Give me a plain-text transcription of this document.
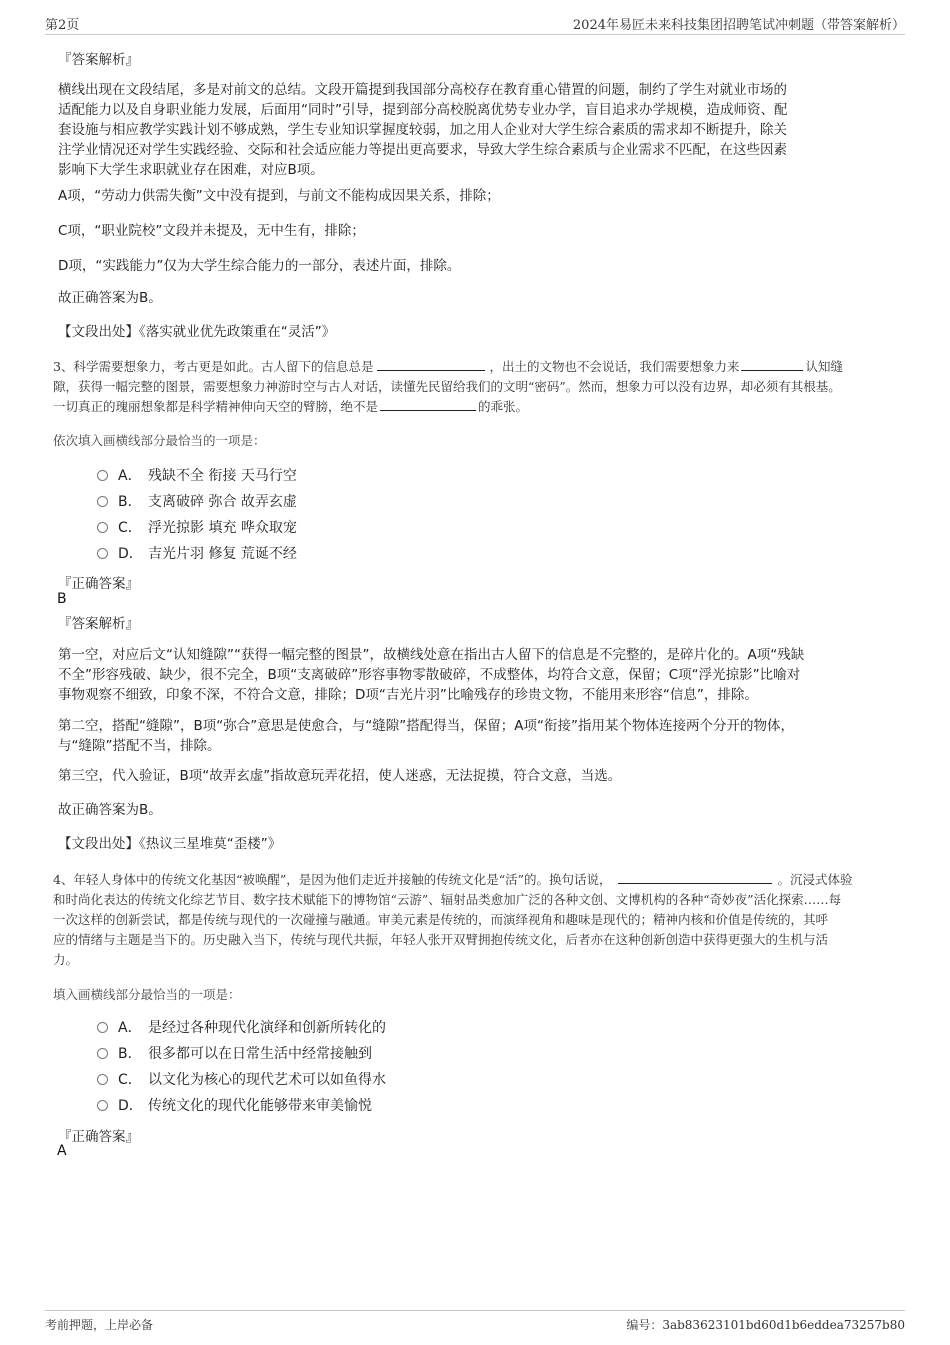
第2页	2024年易匠未来科技集团招聘笔试冲刺题（带答案解析）
『答案解析』
横线出现在文段结尾，多是对前文的总结。文段开篇提到我国部分高校存在教育重心错置的问题，制约了学生对就业市场的
适配能力以及自身职业能力发展，后面用“同时”引导，提到部分高校脱离优势专业办学，盲目追求办学规模，造成师资、配
套设施与相应教学实践计划不够成熟，学生专业知识掌握度较弱，加之用人企业对大学生综合素质的需求却不断提升，除关
注学业情况还对学生实践经验、交际和社会适应能力等提出更高要求，导致大学生综合素质与企业需求不匹配，在这些因素
影响下大学生求职就业存在困难，对应B项。
A项，“劳动力供需失衡”文中没有提到，与前文不能构成因果关系，排除；
C项，“职业院校”文段并未提及，无中生有，排除；
D项，“实践能力”仅为大学生综合能力的一部分，表述片面，排除。
故正确答案为B。
【文段出处】《落实就业优先政策重在“灵活”》
3、科学需要想象力，考古更是如此。古人留下的信息总是	，出土的文物也不会说话，我们需要想象力来	认知缝
隙，获得一幅完整的图景，需要想象力神游时空与古人对话，读懂先民留给我们的文明“密码”。然而，想象力可以没有边界，却必须有其根基。
一切真正的瑰丽想象都是科学精神伸向天空的臂膀，绝不是	的乖张。
依次填入画横线部分最恰当的一项是：
A． 残缺不全 衔接 天马行空
B． 支离破碎 弥合 故弄玄虚
C． 浮光掠影 填充 哗众取宠
D． 吉光片羽 修复 荒诞不经
『正确答案』
B
『答案解析』
第一空，对应后文“认知缝隙”“获得一幅完整的图景”，故横线处意在指出古人留下的信息是不完整的，是碎片化的。A项“残缺
不全”形容残破、缺少，很不完全，B项“支离破碎”形容事物零散破碎，不成整体，均符合文意，保留；C项“浮光掠影”比喻对
事物观察不细致，印象不深，不符合文意，排除；D项“吉光片羽”比喻残存的珍贵文物，不能用来形容“信息”，排除。
第二空，搭配“缝隙”，B项“弥合”意思是使愈合，与“缝隙”搭配得当，保留；A项“衔接”指用某个物体连接两个分开的物体，
与“缝隙”搭配不当，排除。
第三空，代入验证，B项“故弄玄虚”指故意玩弄花招，使人迷惑，无法捉摸，符合文意，当选。
故正确答案为B。
【文段出处】《热议三星堆莫“歪楼”》
4、年轻人身体中的传统文化基因“被唤醒”，是因为他们走近并接触的传统文化是“活”的。换句话说，	。沉浸式体验
和时尚化表达的传统文化综艺节目、数字技术赋能下的博物馆“云游”、辐射品类愈加广泛的各种文创、文博机构的各种“奇妙夜”活化探索……每
一次这样的创新尝试，都是传统与现代的一次碰撞与融通。审美元素是传统的，而演绎视角和趣味是现代的；精神内核和价值是传统的，其呼
应的情绪与主题是当下的。历史融入当下，传统与现代共振，年轻人张开双臂拥抱传统文化，后者亦在这种创新创造中获得更强大的生机与活
力。
填入画横线部分最恰当的一项是：
A． 是经过各种现代化演绎和创新所转化的
B． 很多都可以在日常生活中经常接触到
C． 以文化为核心的现代艺术可以如鱼得水
D． 传统文化的现代化能够带来审美愉悦
『正确答案』
A
考前押题，上岸必备	编号：3ab83623101bd60d1b6eddea73257b80
